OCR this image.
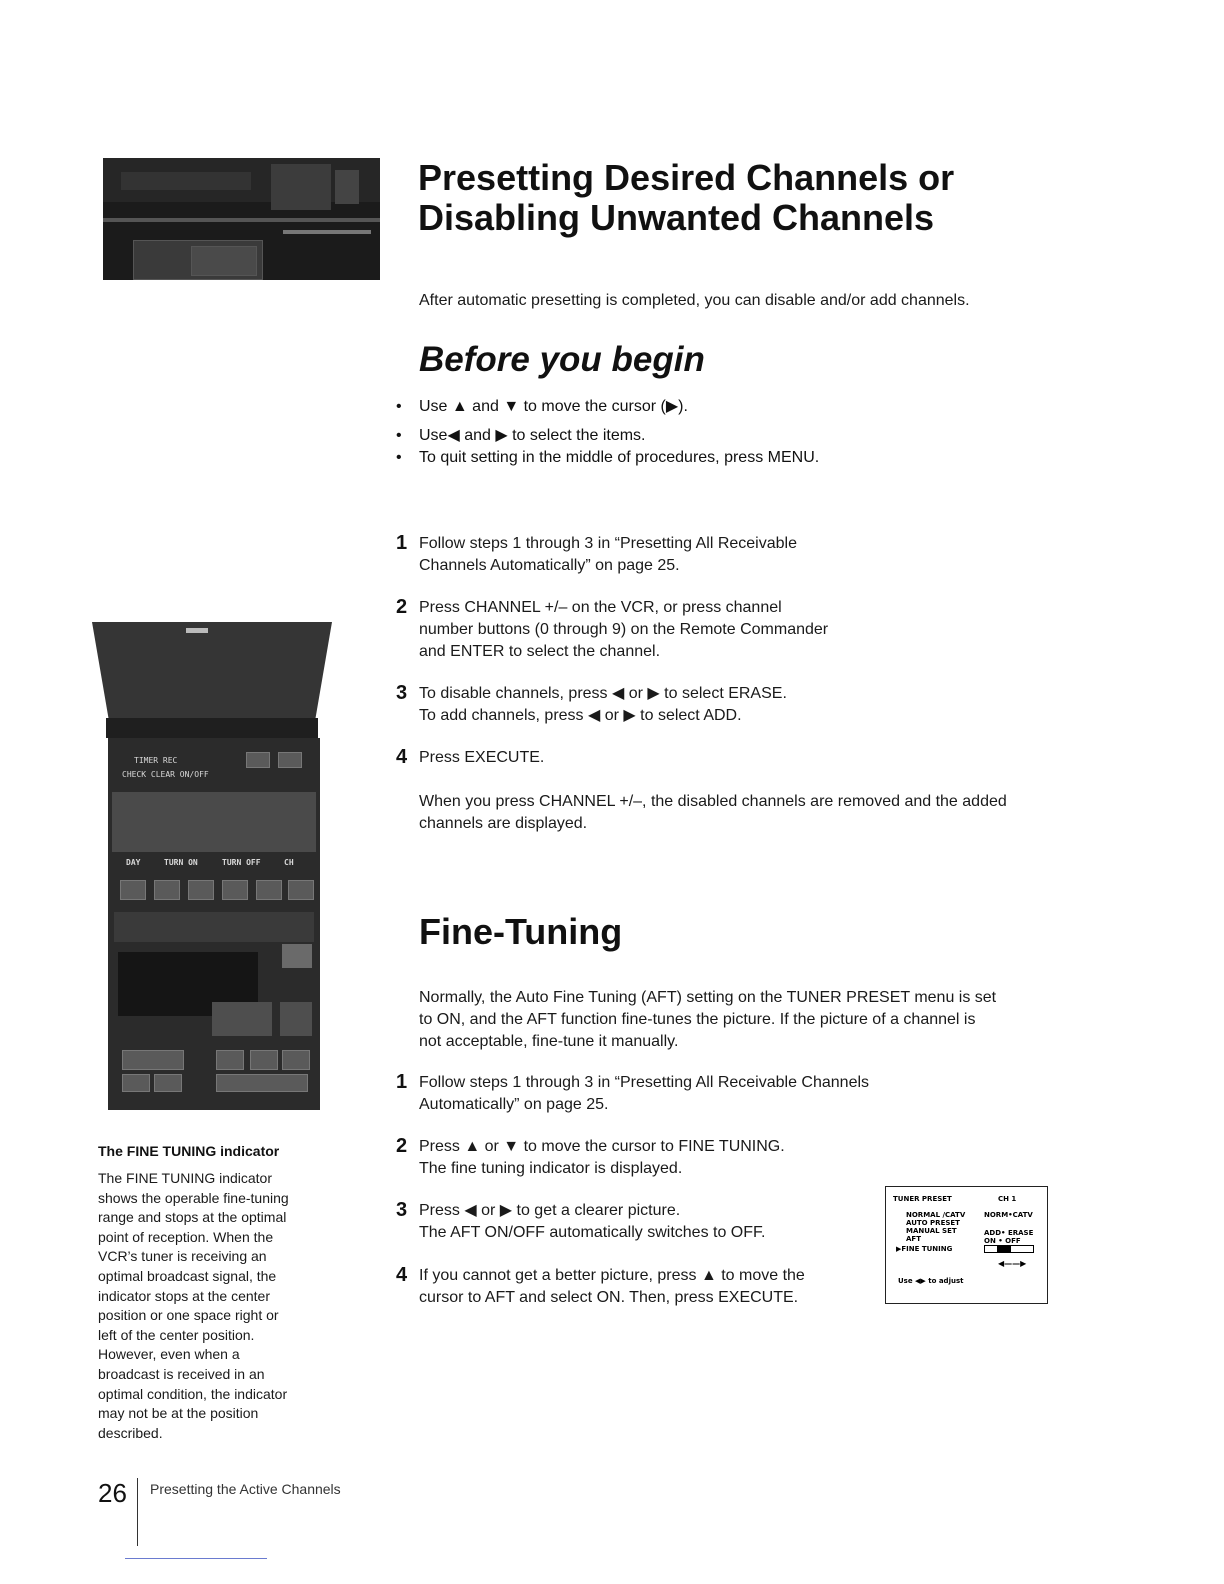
Presetting Desired Channels or
Disabling Unwanted Channels
After automatic presetting is completed, you can disable and/or add channels.
Before you begin
• Use ▲ and ▼ to move the cursor (▶).
• Use◀ and ▶ to select the items.
• To quit setting in the middle of procedures, press MENU.
1 Follow steps 1 through 3 in “Presetting All Receivable
Channels Automatically” on page 25.
2 Press CHANNEL +/– on the VCR, or press channel
number buttons (0 through 9) on the Remote Commander
and ENTER to select the channel.
3 To disable channels, press ◀ or ▶ to select ERASE.
To add channels, press ◀ or ▶ to select ADD.
4 Press EXECUTE.
When you press CHANNEL +/–, the disabled channels are removed and the added
channels are displayed.
TIMER REC
CHECK CLEAR ON/OFF
DAY	TURN ON	TURN OFF	CH
Fine-Tuning
Normally, the Auto Fine Tuning (AFT) setting on the TUNER PRESET menu is set
to ON, and the AFT function fine-tunes the picture. If the picture of a channel is
not acceptable, fine-tune it manually.
1 Follow steps 1 through 3 in “Presetting All Receivable Channels
Automatically” on page 25.
2 Press ▲ or ▼ to move the cursor to FINE TUNING.
The fine tuning indicator is displayed.
3 Press ◀ or ▶ to get a clearer picture.
The AFT ON/OFF automatically switches to OFF.
4 If you cannot get a better picture, press ▲ to move the
cursor to AFT and select ON. Then, press EXECUTE.
TUNER PRESET	CH 1
NORMAL /CATV	NORM•CATV
AUTO PRESET
MANUAL SET	ADD• ERASE
AFT	ON • OFF
▶FINE TUNING
◀——▶
Use ◀▶ to adjust
The FINE TUNING indicator
The FINE TUNING indicator
shows the operable fine-tuning
range and stops at the optimal
point of reception. When the
VCR’s tuner is receiving an
optimal broadcast signal, the
indicator stops at the center
position or one space right or
left of the center position.
However, even when a
broadcast is received in an
optimal condition, the indicator
may not be at the position
described.
26 Presetting the Active Channels
